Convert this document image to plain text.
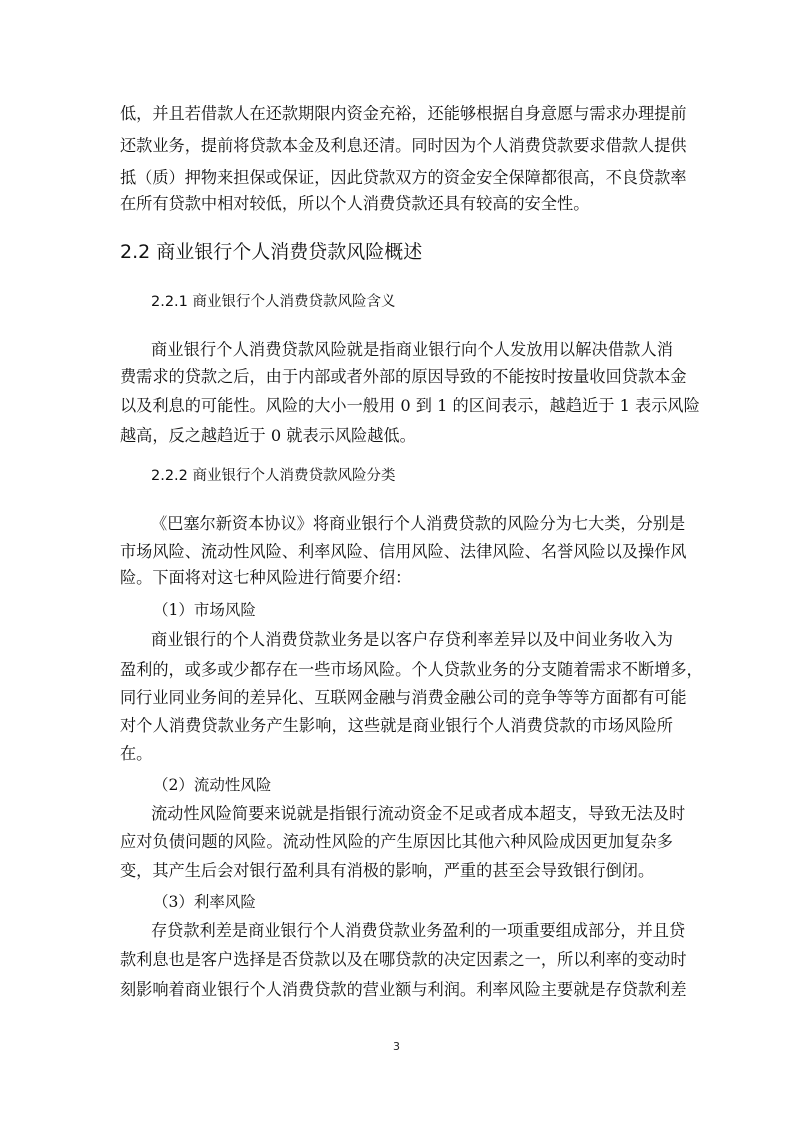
低，并且若借款人在还款期限内资金充裕，还能够根据自身意愿与需求办理提前
还款业务，提前将贷款本金及利息还清。同时因为个人消费贷款要求借款人提供
抵（质）押物来担保或保证，因此贷款双方的资金安全保障都很高，不良贷款率
在所有贷款中相对较低，所以个人消费贷款还具有较高的安全性。
2.2 商业银行个人消费贷款风险概述
2.2.1 商业银行个人消费贷款风险含义
商业银行个人消费贷款风险就是指商业银行向个人发放用以解决借款人消
费需求的贷款之后，由于内部或者外部的原因导致的不能按时按量收回贷款本金
以及利息的可能性。风险的大小一般用 0 到 1 的区间表示，越趋近于 1 表示风险
越高，反之越趋近于 0 就表示风险越低。
2.2.2 商业银行个人消费贷款风险分类
《巴塞尔新资本协议》将商业银行个人消费贷款的风险分为七大类，分别是
市场风险、流动性风险、利率风险、信用风险、法律风险、名誉风险以及操作风
险。下面将对这七种风险进行简要介绍：
（1）市场风险
商业银行的个人消费贷款业务是以客户存贷利率差异以及中间业务收入为
盈利的，或多或少都存在一些市场风险。个人贷款业务的分支随着需求不断增多，
同行业同业务间的差异化、互联网金融与消费金融公司的竞争等等方面都有可能
对个人消费贷款业务产生影响，这些就是商业银行个人消费贷款的市场风险所
在。
（2）流动性风险
流动性风险简要来说就是指银行流动资金不足或者成本超支，导致无法及时
应对负债问题的风险。流动性风险的产生原因比其他六种风险成因更加复杂多
变，其产生后会对银行盈利具有消极的影响，严重的甚至会导致银行倒闭。
（3）利率风险
存贷款利差是商业银行个人消费贷款业务盈利的一项重要组成部分，并且贷
款利息也是客户选择是否贷款以及在哪贷款的决定因素之一，所以利率的变动时
刻影响着商业银行个人消费贷款的营业额与利润。利率风险主要就是存贷款利差
3
